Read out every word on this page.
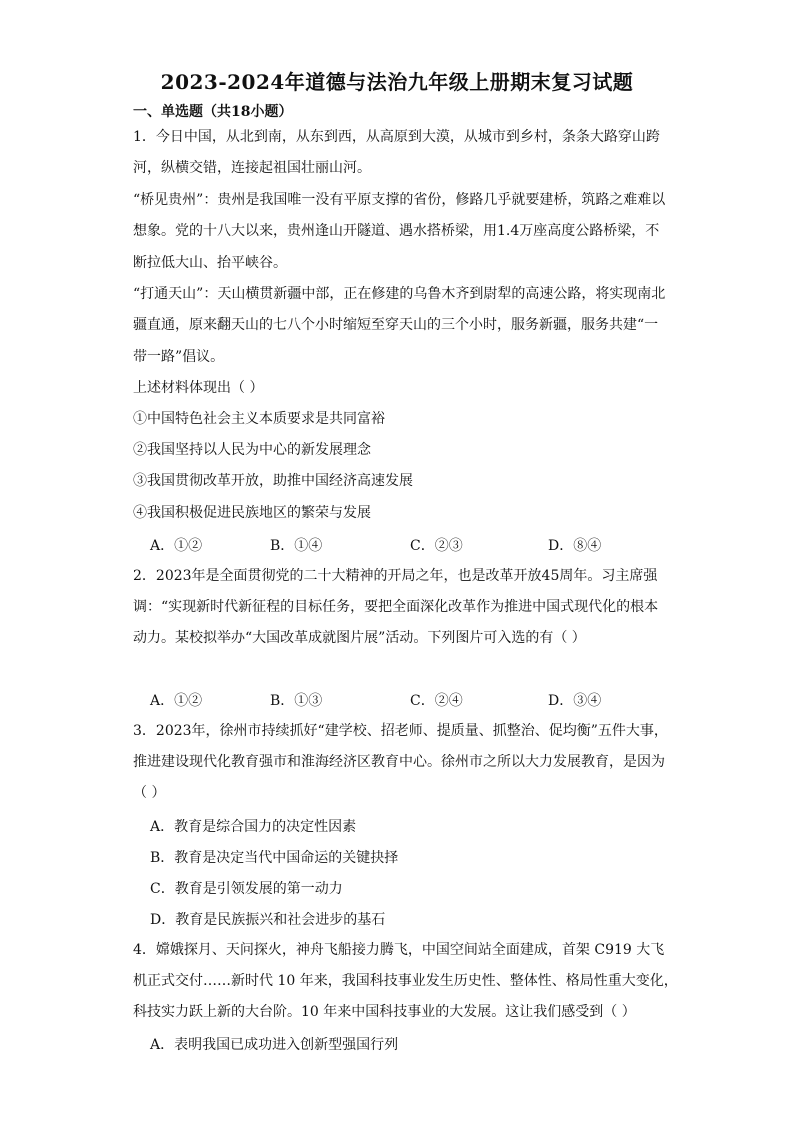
2023-2024年道德与法治九年级上册期末复习试题
一、单选题（共18小题）
1．今日中国，从北到南，从东到西，从高原到大漠，从城市到乡村，条条大路穿山跨
河，纵横交错，连接起祖国壮丽山河。
“桥见贵州”：贵州是我国唯一没有平原支撑的省份，修路几乎就要建桥，筑路之难难以
想象。党的十八大以来，贵州逢山开隧道、遇水搭桥梁，用1.4万座高度公路桥梁，不
断拉低大山、抬平峡谷。
“打通天山”：天山横贯新疆中部，正在修建的乌鲁木齐到尉犁的高速公路，将实现南北
疆直通，原来翻天山的七八个小时缩短至穿天山的三个小时，服务新疆，服务共建“一
带一路”倡议。
上述材料体现出（ ）
①中国特色社会主义本质要求是共同富裕
②我国坚持以人民为中心的新发展理念
③我国贯彻改革开放，助推中国经济高速发展
④我国积极促进民族地区的繁荣与发展
A．①②	B．①④	C．②③	D．⑧④
2．2023年是全面贯彻党的二十大精神的开局之年，也是改革开放45周年。习主席强
调：“实现新时代新征程的目标任务，要把全面深化改革作为推进中国式现代化的根本
动力。某校拟举办“大国改革成就图片展”活动。下列图片可入选的有（ ）
A．①②	B．①③	C．②④	D．③④
3．2023年，徐州市持续抓好“建学校、招老师、提质量、抓整治、促均衡”五件大事，
推进建设现代化教育强市和淮海经济区教育中心。徐州市之所以大力发展教育，是因为
（ ）
A．教育是综合国力的决定性因素
B．教育是决定当代中国命运的关键抉择
C．教育是引领发展的第一动力
D．教育是民族振兴和社会进步的基石
4．嫦娥探月、天问探火，神舟飞船接力腾飞，中国空间站全面建成，首架 C919 大飞
机正式交付……新时代 10 年来，我国科技事业发生历史性、整体性、格局性重大变化，
科技实力跃上新的大台阶。10 年来中国科技事业的大发展。这让我们感受到（ ）
A．表明我国已成功进入创新型强国行列
